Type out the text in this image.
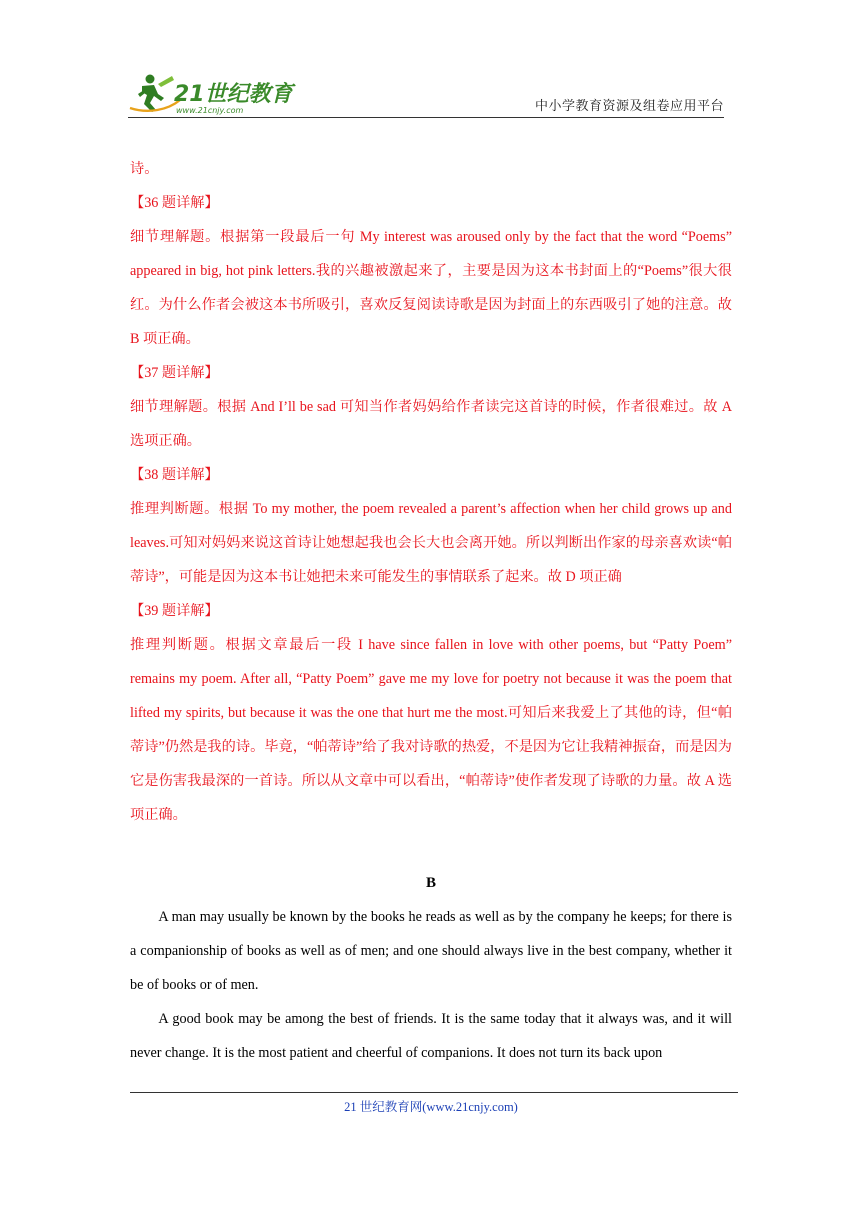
21世纪教育
www.21cnjy.com	中小学教育资源及组卷应用平台

诗。

【36 题详解】

细节理解题。根据第一段最后一句 My interest was aroused only by the fact that the word “Poems” appeared in big, hot pink letters.我的兴趣被激起来了，主要是因为这本书封面上的“Poems”很大很红。为什么作者会被这本书所吸引，喜欢反复阅读诗歌是因为封面上的东西吸引了她的注意。故 B 项正确。

【37 题详解】

细节理解题。根据 And I’ll be sad 可知当作者妈妈给作者读完这首诗的时候，作者很难过。故 A 选项正确。

【38 题详解】

推理判断题。根据 To my mother, the poem revealed a parent’s affection when her child grows up and leaves.可知对妈妈来说这首诗让她想起我也会长大也会离开她。所以判断出作家的母亲喜欢读“帕蒂诗”，可能是因为这本书让她把未来可能发生的事情联系了起来。故 D 项正确

【39 题详解】

推理判断题。根据文章最后一段 I have since fallen in love with other poems, but “Patty Poem” remains my poem. After all, “Patty Poem” gave me my love for poetry not because it was the poem that lifted my spirits, but because it was the one that hurt me the most.可知后来我爱上了其他的诗，但“帕蒂诗”仍然是我的诗。毕竟，“帕蒂诗”给了我对诗歌的热爱，不是因为它让我精神振奋，而是因为它是伤害我最深的一首诗。所以从文章中可以看出，“帕蒂诗”使作者发现了诗歌的力量。故 A 选项正确。

B

A man may usually be known by the books he reads as well as by the company he keeps; for there is a companionship of books as well as of men; and one should always live in the best company, whether it be of books or of men.

A good book may be among the best of friends. It is the same today that it always was, and it will never change. It is the most patient and cheerful of companions. It does not turn its back upon

21 世纪教育网(www.21cnjy.com)
